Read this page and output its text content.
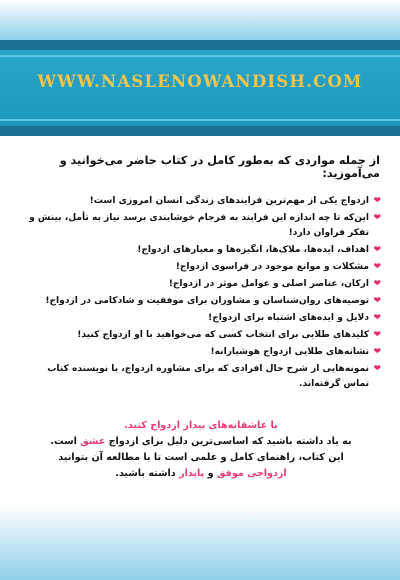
WWW.NASLENOWANDISH.COM

از جمله مواردی که به‌طور کامل در کتاب حاضر می‌خوانید و می‌آموزید:

❤
ازدواج یکی از مهم‌ترین فرایندهای زندگی انسان امروزی است!
❤
این‌که تا چه اندازه این فرایند به فرجام خوشایندی برسد نیاز به تأمل، بینش و تفکر فراوان دارد!
❤
اهداف، ایده‌ها، ملاک‌ها، انگیزه‌ها و معیارهای ازدواج!
❤
مشکلات و موانع موجود در فراسوی ازدواج!
❤
ارکان، عناصر اصلی و عوامل موثر در ازدواج!
❤
توصیه‌های روان‌شناسان و مشاوران برای موفقیت و شادکامی در ازدواج!
❤
دلایل و ایده‌های اشتباه برای ازدواج!
❤
کلیدهای طلایی برای انتخاب کسی که می‌خواهید با او ازدواج کنید!
❤
نشانه‌های طلایی ازدواج هوشیارانه!
❤
نمونه‌هایی از شرح حال افرادی که برای مشاوره ازدواج، با نویسنده کتاب تماس گرفته‌اند.
با عاشقانه‌های بیدار ازدواج کنید.
به یاد داشته باشید که اساسی‌ترین دلیل برای ازدواج عشق است.
این کتاب، راهنمای کامل و علمی است تا با مطالعه آن بتوانید
ازدواجی موفق و پایدار داشته باشید.
